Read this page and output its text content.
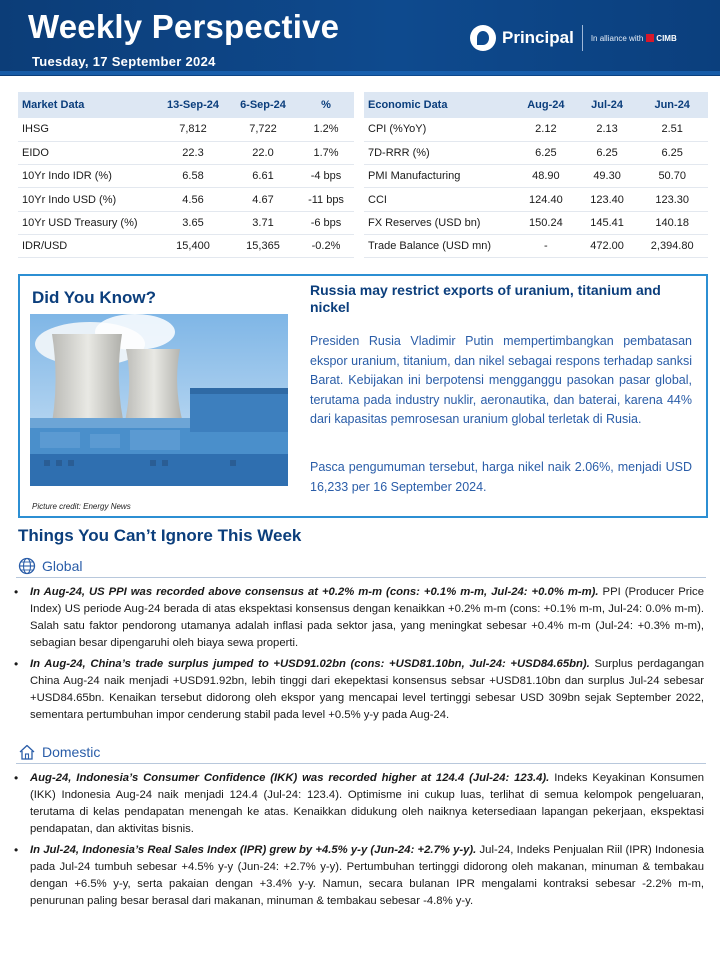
Weekly Perspective
Tuesday, 17 September 2024
Principal In alliance with CIMB
Market Data	13-Sep-24	6-Sep-24	%
IHSG	7,812	7,722	1.2%
EIDO	22.3	22.0	1.7%
10Yr Indo IDR (%)	6.58	6.61	-4 bps
10Yr Indo USD (%)	4.56	4.67	-11 bps
10Yr USD Treasury (%)	3.65	3.71	-6 bps
IDR/USD	15,400	15,365	-0.2%
Economic Data	Aug-24	Jul-24	Jun-24
CPI (%YoY)	2.12	2.13	2.51
7D-RRR (%)	6.25	6.25	6.25
PMI Manufacturing	48.90	49.30	50.70
CCI	124.40	123.40	123.30
FX Reserves (USD bn)	150.24	145.41	140.18
Trade Balance (USD mn)	-	472.00	2,394.80
Did You Know?
Picture credit: Energy News
Russia may restrict exports of uranium, titanium and nickel
Presiden Rusia Vladimir Putin mempertimbangkan pembatasan ekspor uranium, titanium, dan nikel sebagai respons terhadap sanksi Barat. Kebijakan ini berpotensi mengganggu pasokan pasar global, terutama pada industry nuklir, aeronautika, dan baterai, karena 44% dari kapasitas pemrosesan uranium global terletak di Rusia.
Pasca pengumuman tersebut, harga nikel naik 2.06%, menjadi USD 16,233 per 16 September 2024.
Things You Can’t Ignore This Week
Global
• In Aug-24, US PPI was recorded above consensus at +0.2% m-m (cons: +0.1% m-m, Jul-24: +0.0% m-m). PPI (Producer Price Index) US periode Aug-24 berada di atas ekspektasi konsensus dengan kenaikkan +0.2% m-m (cons: +0.1% m-m, Jul-24: 0.0% m-m). Salah satu faktor pendorong utamanya adalah inflasi pada sektor jasa, yang meningkat sebesar +0.4% m-m (Jul-24: +0.3% m-m), sebagian besar dipengaruhi oleh biaya sewa properti.
• In Aug-24, China’s trade surplus jumped to +USD91.02bn (cons: +USD81.10bn, Jul-24: +USD84.65bn). Surplus perdagangan China Aug-24 naik menjadi +USD91.92bn, lebih tinggi dari ekepektasi konsensus sebsar +USD81.10bn dan surplus Jul-24 sebesar +USD84.65bn. Kenaikan tersebut didorong oleh ekspor yang mencapai level tertinggi sebesar USD 309bn sejak September 2022, sementara pertumbuhan impor cenderung stabil pada level +0.5% y-y pada Aug-24.
Domestic
• Aug-24, Indonesia’s Consumer Confidence (IKK) was recorded higher at 124.4 (Jul-24: 123.4). Indeks Keyakinan Konsumen (IKK) Indonesia Aug-24 naik menjadi 124.4 (Jul-24: 123.4). Optimisme ini cukup luas, terlihat di semua kelompok pengeluaran, terutama di kelas pendapatan menengah ke atas. Kenaikkan didukung oleh naiknya ketersediaan lapangan pekerjaan, ekspektasi pendapatan, dan aktivitas bisnis.
• In Jul-24, Indonesia’s Real Sales Index (IPR) grew by +4.5% y-y (Jun-24: +2.7% y-y). Jul-24, Indeks Penjualan Riil (IPR) Indonesia pada Jul-24 tumbuh sebesar +4.5% y-y (Jun-24: +2.7% y-y). Pertumbuhan tertinggi didorong oleh makanan, minuman & tembakau dengan +6.5% y-y, serta pakaian dengan +3.4% y-y. Namun, secara bulanan IPR mengalami kontraksi sebesar -2.2% m-m, penurunan paling besar berasal dari makanan, minuman & tembakau sebesar -4.8% y-y.
